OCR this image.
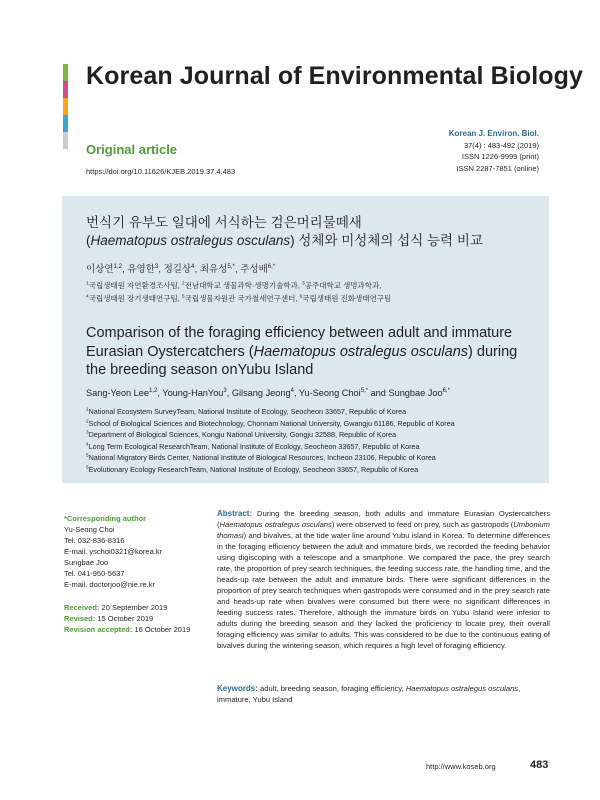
Korean Journal of Environmental Biology
Original article
https://doi.org/10.11626/KJEB.2019.37.4.483
Korean J. Environ. Biol.
37(4) : 483-492 (2019)
ISSN 1226-9999 (print)
ISSN 2287-7851 (online)
번식기 유부도 일대에 서식하는 검은머리물떼새
(Haematopus ostralegus osculans) 성체와 미성체의 섭식 능력 비교
이상연$^{1,2}$, 유영한$^3$, 정길상$^4$, 최유성$^{5,*}$, 주성배$^{6,*}$
$^1$국립생태원 자연환경조사팀, $^2$전남대학교 생물과학·생명기술학과, $^3$공주대학교 생명과학과,
$^4$국립생태원 장기생태연구팀, $^5$국립생물자원관 국가철새연구센터, $^6$국립생태원 진화생태연구팀
Comparison of the foraging efficiency between adult and immature Eurasian Oystercatchers (Haematopus ostralegus osculans) during the breeding season onYubu Island
Sang-Yeon Lee$^{1,2}$, Young-HanYou$^3$, Gilsang Jeong$^4$, Yu-Seong Choi$^{5,*}$ and Sungbae Joo$^{6,*}$
$^1$National Ecosystem SurveyTeam, National Institute of Ecology, Seocheon 33657, Republic of Korea
$^2$School of Biological Sciences and Biotechnology, Chonnam National University, Gwangju 61186, Republic of Korea
$^3$Department of Biological Sciences, Kongju National University, Gongju 32588, Republic of Korea
$^4$Long Term Ecological ResearchTeam, National Institute of Ecology, Seocheon 33657, Republic of Korea
$^5$National Migratory Birds Center, National Institute of Biological Resources, Incheon 23106, Republic of Korea
$^6$Evolutionary Ecology ResearchTeam, National Institute of Ecology, Seocheon 33657, Republic of Korea
*Corresponding author
Yu-Seong Choi
Tel. 032-836-8316
E-mail. yschoi0321@korea.kr
Sungbae Joo
Tel. 041-950-5637
E-mail. doctorjoo@nie.re.kr
Received: 20 September 2019
Revised: 15 October 2019
Revision accepted: 16 October 2019
Abstract: During the breeding season, both adults and immature Eurasian Oystercatchers (Haematopus ostralegus osculans) were observed to feed on prey, such as gastropods (Umbonium thomasi) and bivalves, at the tide water line around Yubu island in Korea. To determine differences in the foraging efficiency between the adult and immature birds, we recorded the feeding behavior using digiscoping with a telescope and a smartphone. We compared the pace, the prey search rate, the proportion of prey search techniques, the feeding success rate, the handling time, and the heads-up rate between the adult and immature birds. There were significant differences in the proportion of prey search techniques when gastropods were consumed and in the prey search rate and heads-up rate when bivalves were consumed but there were no significant differences in feeding success rates. Therefore, although the immature birds on Yubu Island were inferior to adults during the breeding season and they lacked the proficiency to locate prey, their overall foraging efficiency was similar to adults. This was considered to be due to the continuous eating of bivalves during the wintering season, which requires a high level of foraging efficiency.
Keywords: adult, breeding season, foraging efficiency, Haematopus ostralegus osculans, immature, Yubu Island
http://www.koseb.org	483
